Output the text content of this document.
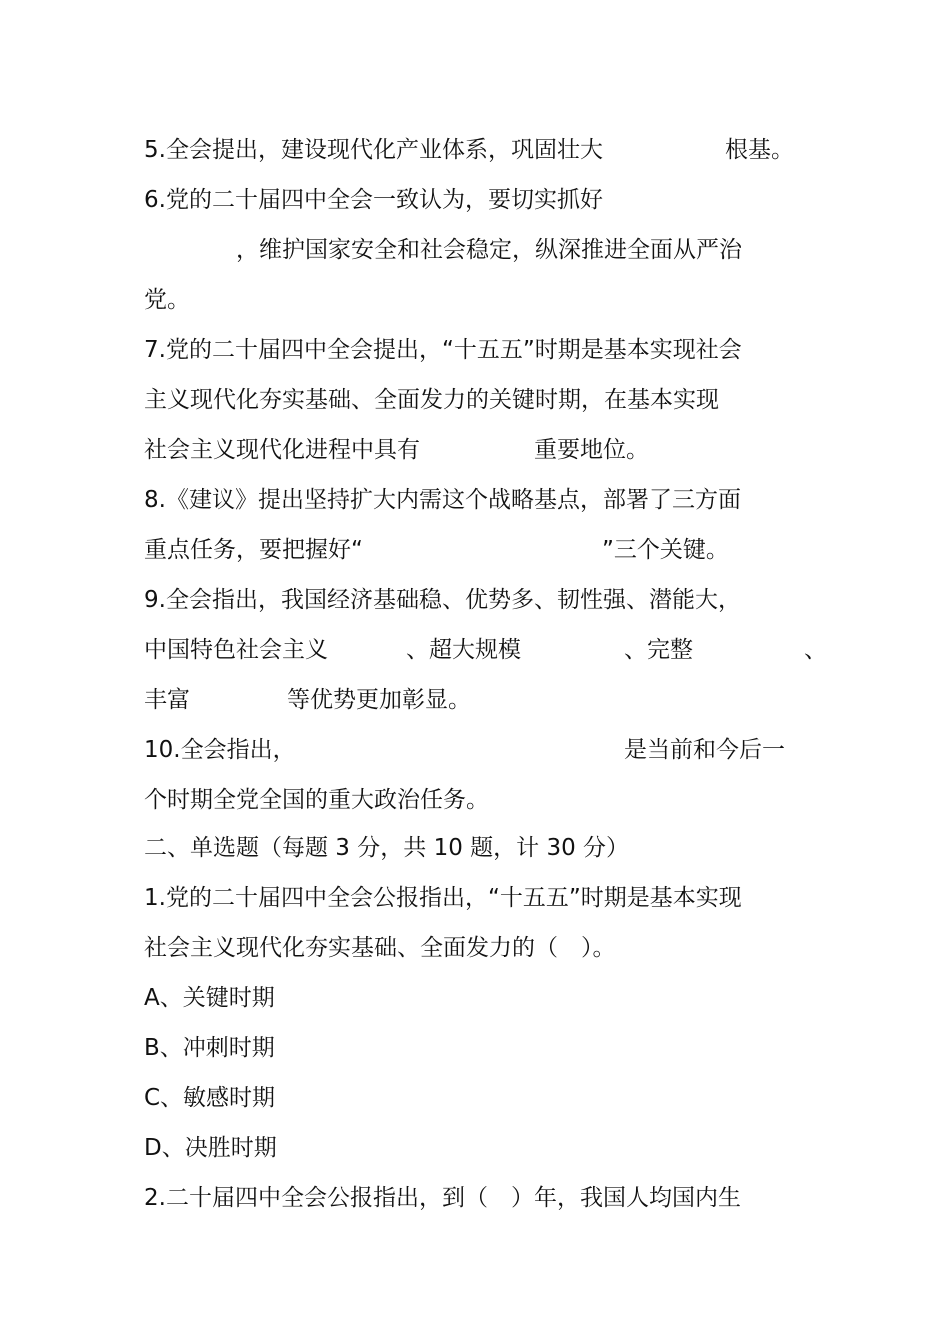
5.全会提出，建设现代化产业体系，巩固壮大	根基。
6.党的二十届四中全会一致认为，要切实抓好
，维护国家安全和社会稳定，纵深推进全面从严治
党。
7.党的二十届四中全会提出，“十五五”时期是基本实现社会
主义现代化夯实基础、全面发力的关键时期，在基本实现
社会主义现代化进程中具有	重要地位。
8.《建议》提出坚持扩大内需这个战略基点，部署了三方面
重点任务，要把握好“	”三个关键。
9.全会指出，我国经济基础稳、优势多、韧性强、潜能大，
中国特色社会主义	、超大规模	、完整	、
丰富	等优势更加彰显。
10.全会指出，	是当前和今后一
个时期全党全国的重大政治任务。
二、单选题（每题 3 分，共 10 题，计 30 分）
1.党的二十届四中全会公报指出，“十五五”时期是基本实现
社会主义现代化夯实基础、全面发力的（　）。
A、关键时期
B、冲刺时期
C、敏感时期
D、决胜时期
2.二十届四中全会公报指出，到（　）年，我国人均国内生
